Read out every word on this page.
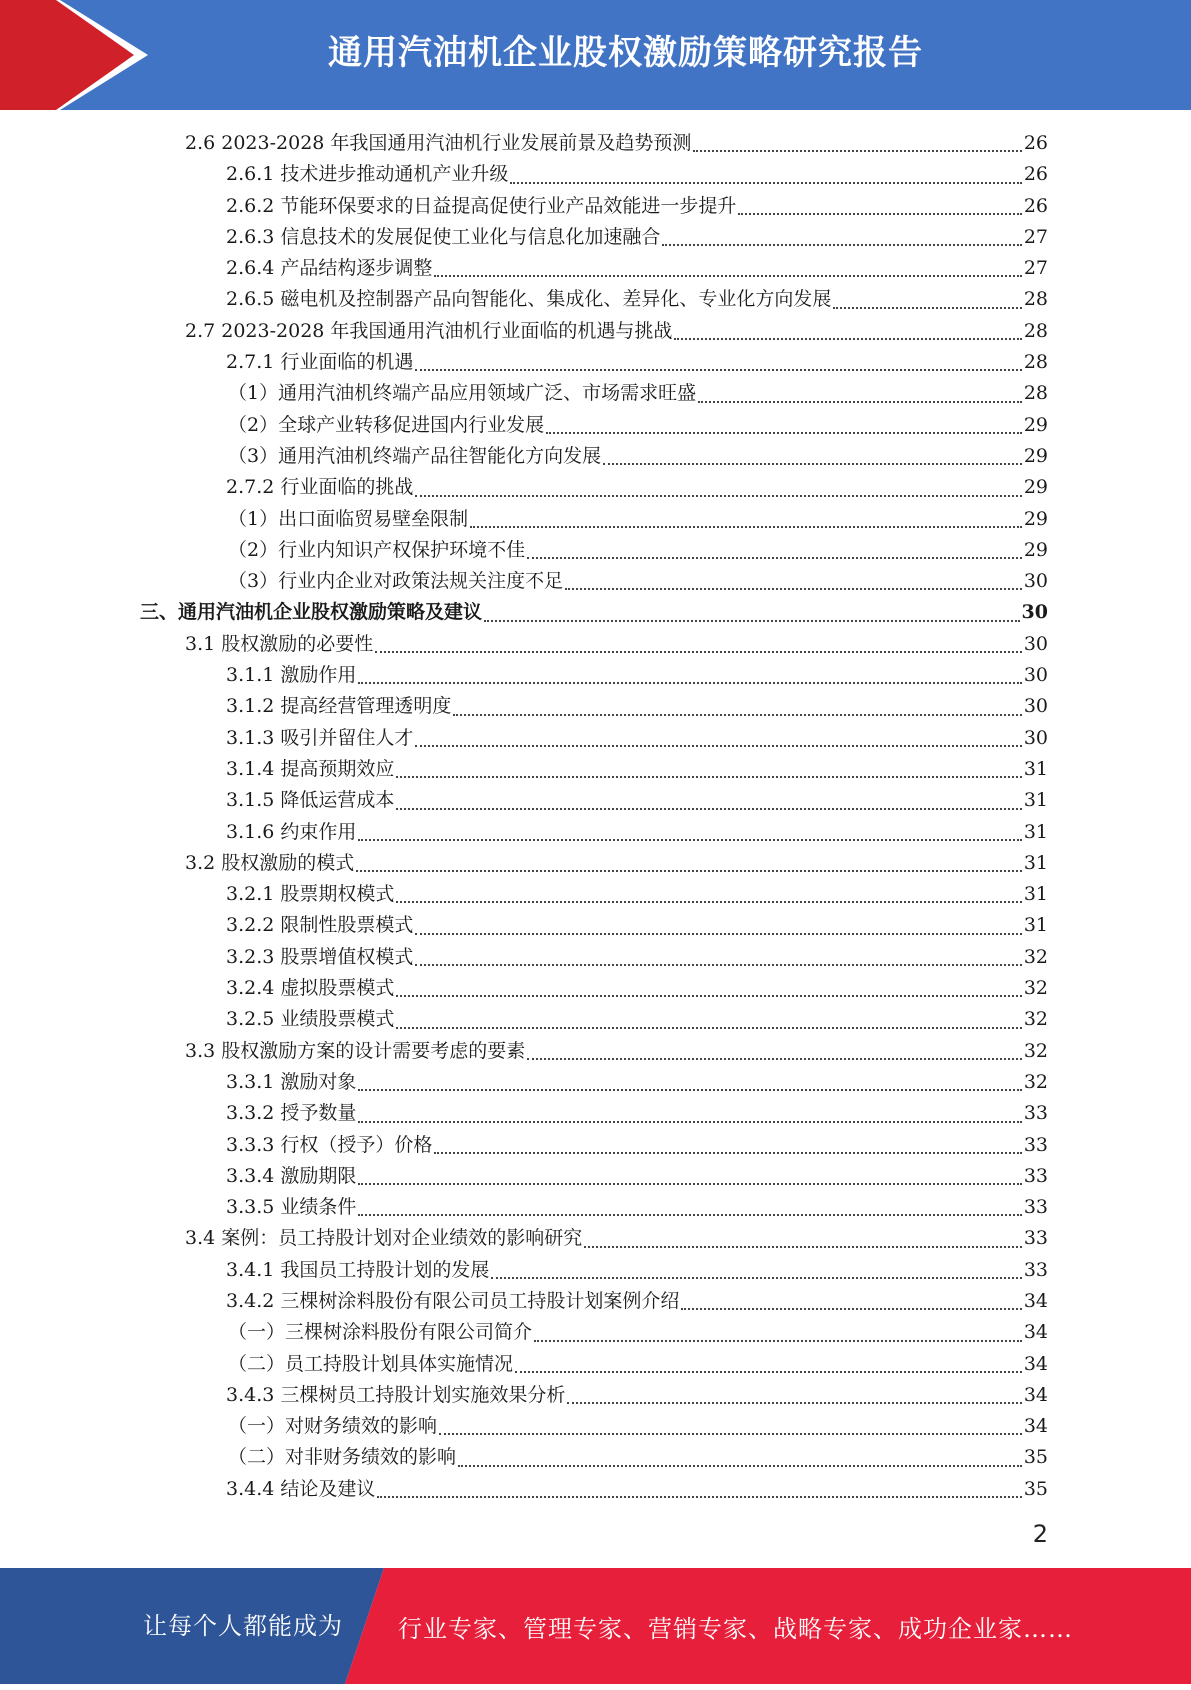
通用汽油机企业股权激励策略研究报告
2.6 2023-2028 年我国通用汽油机行业发展前景及趋势预测	26
2.6.1 技术进步推动通机产业升级	26
2.6.2 节能环保要求的日益提高促使行业产品效能进一步提升	26
2.6.3 信息技术的发展促使工业化与信息化加速融合	27
2.6.4 产品结构逐步调整	27
2.6.5 磁电机及控制器产品向智能化、集成化、差异化、专业化方向发展	28
2.7 2023-2028 年我国通用汽油机行业面临的机遇与挑战	28
2.7.1 行业面临的机遇	28
（1）通用汽油机终端产品应用领域广泛、市场需求旺盛	28
（2）全球产业转移促进国内行业发展	29
（3）通用汽油机终端产品往智能化方向发展	29
2.7.2 行业面临的挑战	29
（1）出口面临贸易壁垒限制	29
（2）行业内知识产权保护环境不佳	29
（3）行业内企业对政策法规关注度不足	30
三、通用汽油机企业股权激励策略及建议	30
3.1 股权激励的必要性	30
3.1.1 激励作用	30
3.1.2 提高经营管理透明度	30
3.1.3 吸引并留住人才	30
3.1.4 提高预期效应	31
3.1.5 降低运营成本	31
3.1.6 约束作用	31
3.2 股权激励的模式	31
3.2.1 股票期权模式	31
3.2.2 限制性股票模式	31
3.2.3 股票增值权模式	32
3.2.4 虚拟股票模式	32
3.2.5 业绩股票模式	32
3.3 股权激励方案的设计需要考虑的要素	32
3.3.1 激励对象	32
3.3.2 授予数量	33
3.3.3 行权（授予）价格	33
3.3.4 激励期限	33
3.3.5 业绩条件	33
3.4 案例：员工持股计划对企业绩效的影响研究	33
3.4.1 我国员工持股计划的发展	33
3.4.2 三棵树涂料股份有限公司员工持股计划案例介绍	34
（一）三棵树涂料股份有限公司简介	34
（二）员工持股计划具体实施情况	34
3.4.3 三棵树员工持股计划实施效果分析	34
（一）对财务绩效的影响	34
（二）对非财务绩效的影响	35
3.4.4 结论及建议	35
2
让每个人都能成为 行业专家、管理专家、营销专家、战略专家、成功企业家……
